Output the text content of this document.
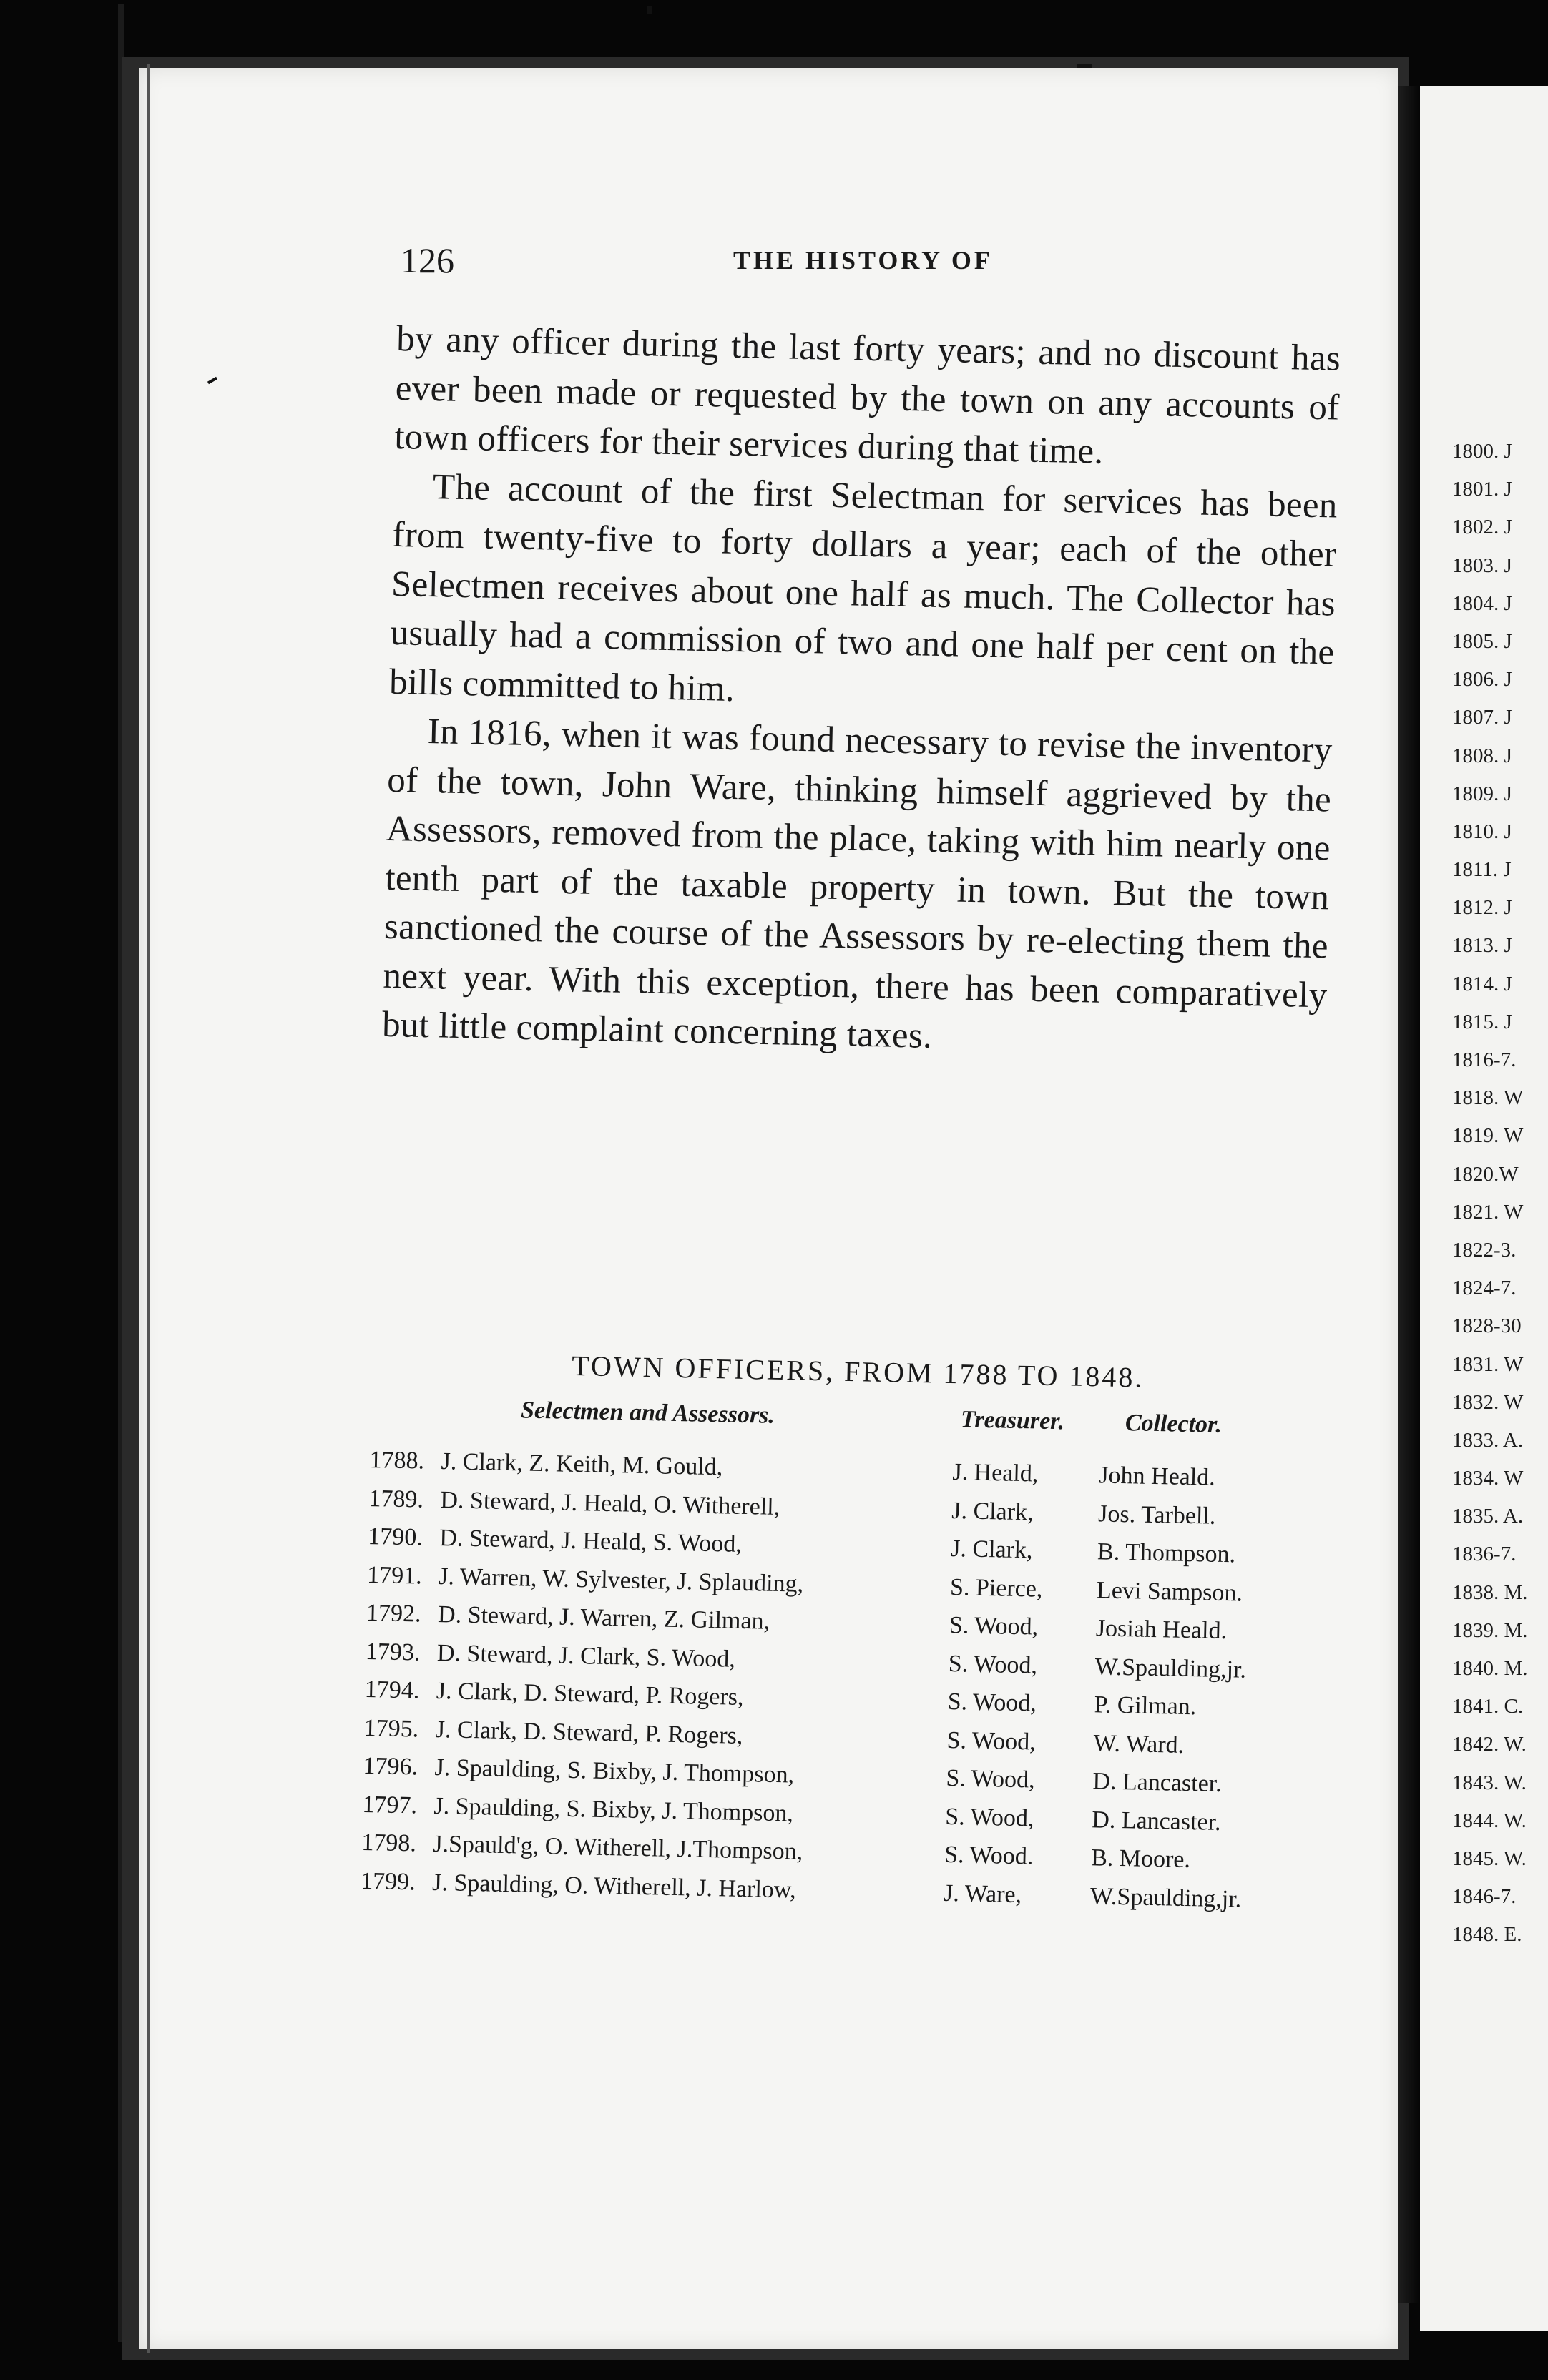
1800. J
1801. J
1802. J
1803. J
1804. J
1805. J
1806. J
1807. J
1808. J
1809. J
1810. J
1811. J
1812. J
1813. J
1814. J
1815. J
1816-7.
1818. W
1819. W
1820.W
1821. W
1822-3.
1824-7.
1828-30
1831. W
1832. W
1833. A.
1834. W
1835. A.
1836-7.
1838. M.
1839. M.
1840. M.
1841. C.
1842. W.
1843. W.
1844. W.
1845. W.
1846-7.
1848. E.
126	THE HISTORY OF

by any officer during the last forty years; and no discount has ever been made or requested by the town on any accounts of town officers for their services during that time.

The account of the first Selectman for services has been from twenty-five to forty dollars a year; each of the other Selectmen receives about one half as much. The Collector has usually had a commission of two and one half per cent on the bills committed to him.

In 1816, when it was found necessary to revise the inventory of the town, John Ware, thinking himself aggrieved by the Assessors, removed from the place, taking with him nearly one tenth part of the taxable property in town. But the town sanctioned the course of the Assessors by re-electing them the next year. With this exception, there has been comparatively but little complaint concerning taxes.

TOWN OFFICERS, FROM 1788 TO 1848.
Selectmen and Assessors.	Treasurer. Collector.
1788. J. Clark, Z. Keith, M. Gould,	J. Heald, John Heald.
1789. D. Steward, J. Heald, O. Witherell,	J. Clark,	Jos. Tarbell.
1790. D. Steward, J. Heald, S. Wood,	J. Clark,	B. Thompson.
1791. J. Warren, W. Sylvester, J. Splauding,	S. Pierce, Levi Sampson.
1792. D. Steward, J. Warren, Z. Gilman,	S. Wood, Josiah Heald.
1793. D. Steward, J. Clark, S. Wood,	S. Wood, W.Spaulding,jr.
1794. J. Clark, D. Steward, P. Rogers,	S. Wood, P. Gilman.
1795. J. Clark, D. Steward, P. Rogers,	S. Wood, W. Ward.
1796. J. Spaulding, S. Bixby, J. Thompson,	S. Wood, D. Lancaster.
1797. J. Spaulding, S. Bixby, J. Thompson,	S. Wood, D. Lancaster.
1798. J.Spauld'g, O. Witherell, J.Thompson,	S. Wood. B. Moore.
1799. J. Spaulding, O. Witherell, J. Harlow,	J. Ware,	W.Spaulding,jr.
